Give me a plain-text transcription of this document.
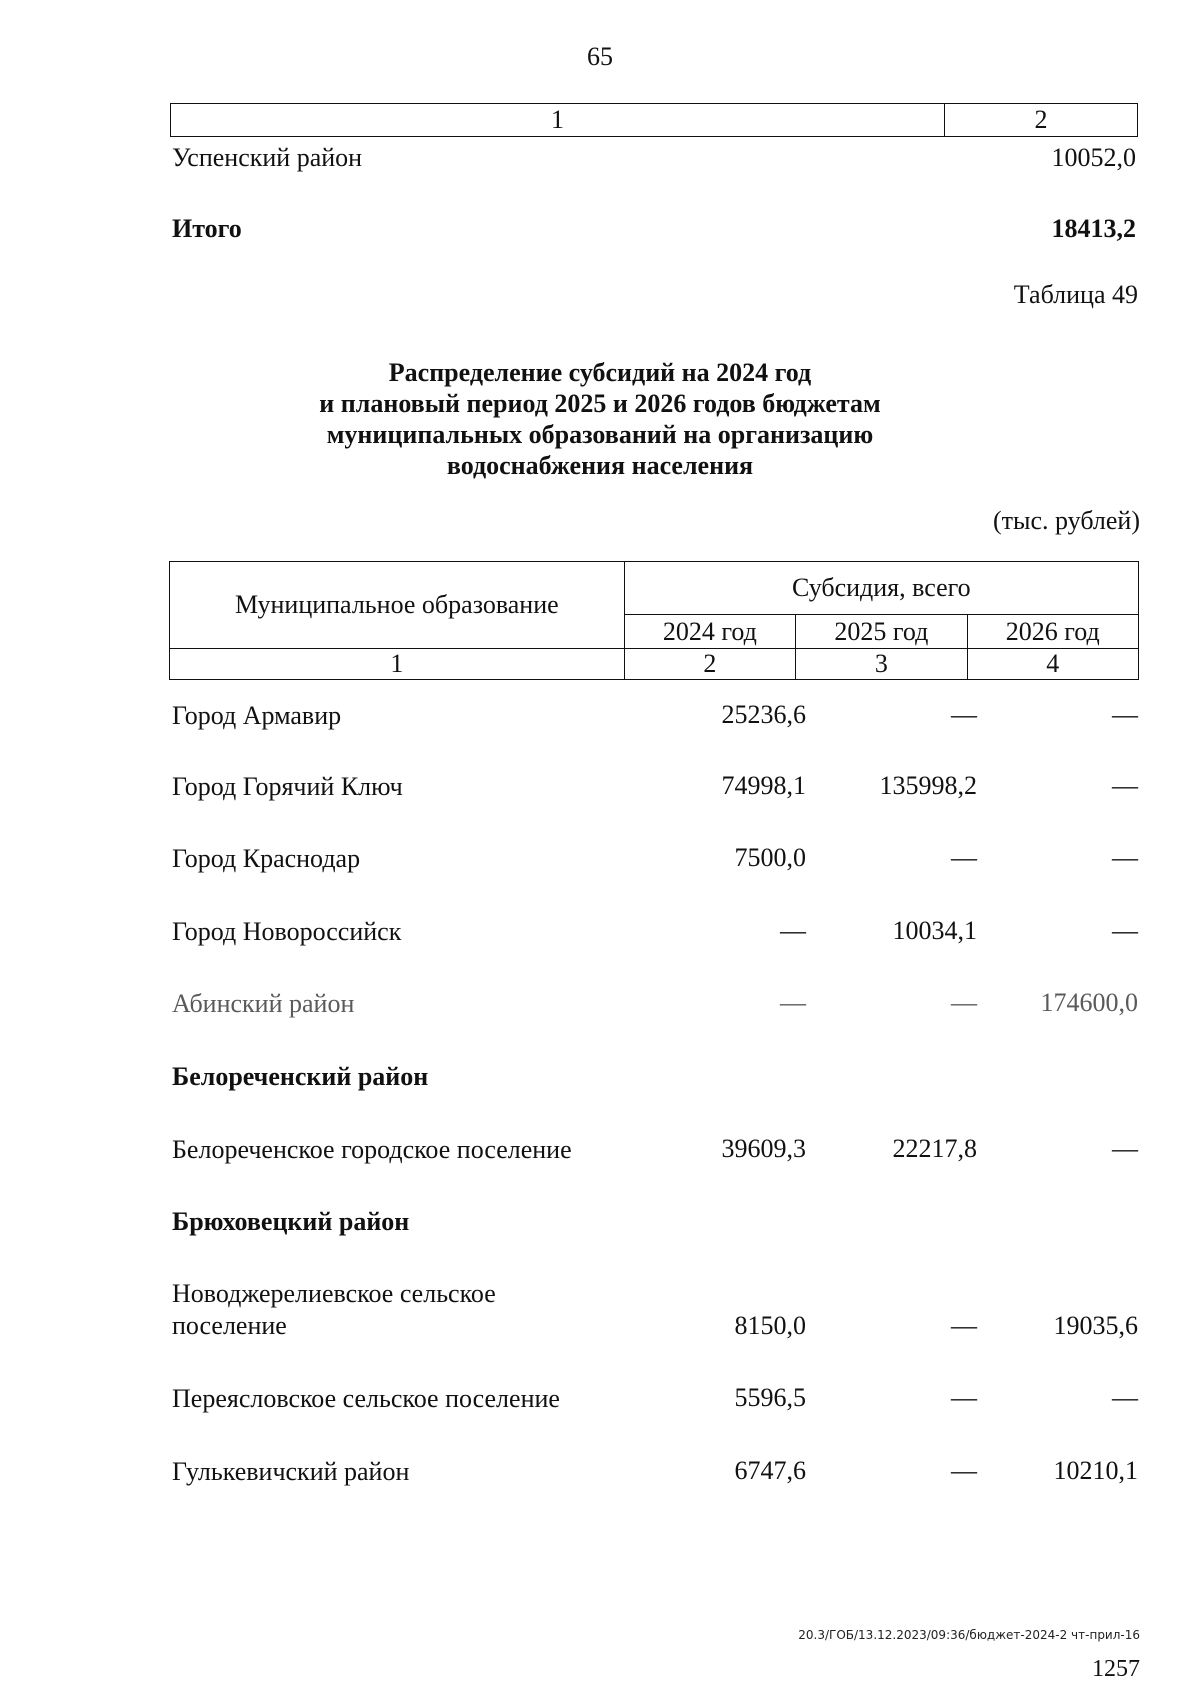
65
1	2
Успенский район	10052,0
Итого	18413,2
Таблица 49
Распределение субсидий на 2024 год
и плановый период 2025 и 2026 годов бюджетам
муниципальных образований на организацию
водоснабжения населения
(тыс. рублей)
Муниципальное образование	Субсидия, всего		
	2024 год	2025 год	2026 год
1	2	3	4
Город Армавир	25236,6	—	—
Город Горячий Ключ	74998,1	135998,2	—
Город Краснодар	7500,0	—	—
Город Новороссийск	—	10034,1	—
Абинский район	—	—	174600,0
Белореченский район
Белореченское городское поселение	39609,3	22217,8	—
Брюховецкий район
Новоджерелиевское сельское
поселение	8150,0	—	19035,6
Переясловское сельское поселение	5596,5	—	—
Гулькевичский район	6747,6	—	10210,1
20.3/ГОБ/13.12.2023/09:36/бюджет-2024-2 чт-прил-16
1257
